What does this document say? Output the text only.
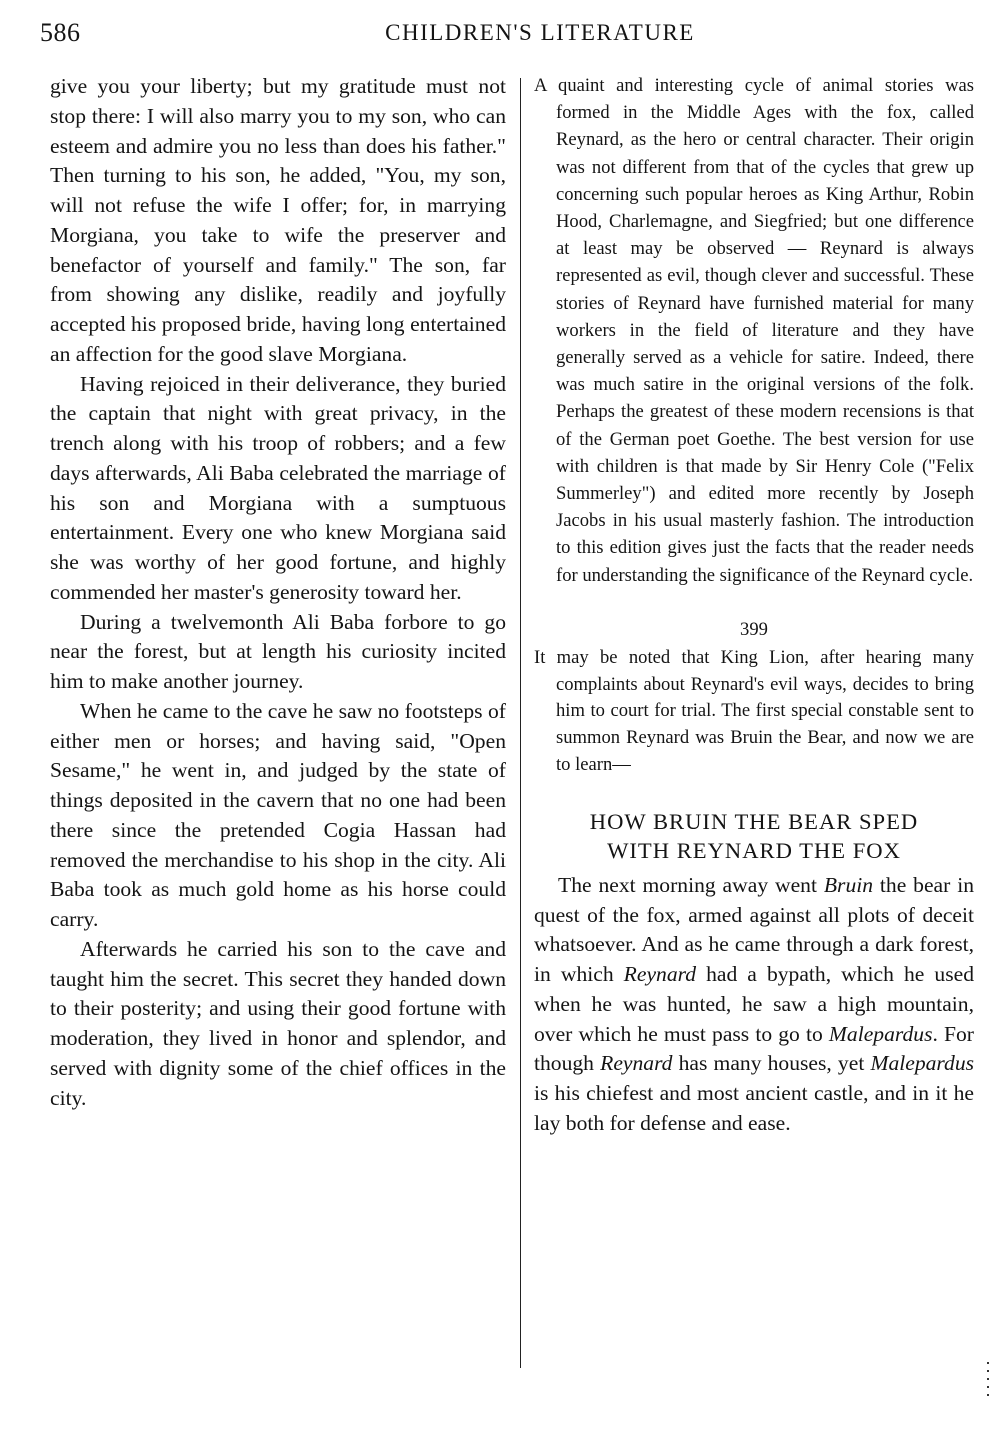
586	CHILDREN'S LITERATURE

give you your liberty; but my gratitude must not stop there: I will also marry you to my son, who can esteem and admire you no less than does his father." Then turning to his son, he added, "You, my son, will not refuse the wife I offer; for, in marrying Morgiana, you take to wife the preserver and benefactor of yourself and family." The son, far from showing any dislike, readily and joyfully accepted his proposed bride, having long entertained an affection for the good slave Morgiana.

Having rejoiced in their deliverance, they buried the captain that night with great privacy, in the trench along with his troop of robbers; and a few days afterwards, Ali Baba celebrated the marriage of his son and Morgiana with a sumptuous entertainment. Every one who knew Morgiana said she was worthy of her good fortune, and highly commended her master's generosity toward her.

During a twelvemonth Ali Baba forbore to go near the forest, but at length his curiosity incited him to make another journey.

When he came to the cave he saw no footsteps of either men or horses; and having said, "Open Sesame," he went in, and judged by the state of things deposited in the cavern that no one had been there since the pretended Cogia Hassan had removed the merchandise to his shop in the city. Ali Baba took as much gold home as his horse could carry.

Afterwards he carried his son to the cave and taught him the secret. This secret they handed down to their posterity; and using their good fortune with moderation, they lived in honor and splendor, and served with dignity some of the chief offices in the city.

A quaint and interesting cycle of animal stories was formed in the Middle Ages with the fox, called Reynard, as the hero or central character. Their origin was not different from that of the cycles that grew up concerning such popular heroes as King Arthur, Robin Hood, Charlemagne, and Siegfried; but one difference at least may be observed — Reynard is always represented as evil, though clever and successful. These stories of Reynard have furnished material for many workers in the field of literature and they have generally served as a vehicle for satire. Indeed, there was much satire in the original versions of the folk. Perhaps the greatest of these modern recensions is that of the German poet Goethe. The best version for use with children is that made by Sir Henry Cole ("Felix Summerley") and edited more recently by Joseph Jacobs in his usual masterly fashion. The introduction to this edition gives just the facts that the reader needs for understanding the significance of the Reynard cycle.

399

It may be noted that King Lion, after hearing many complaints about Reynard's evil ways, decides to bring him to court for trial. The first special constable sent to summon Reynard was Bruin the Bear, and now we are to learn—

HOW BRUIN THE BEAR SPED
WITH REYNARD THE FOX

The next morning away went Bruin the bear in quest of the fox, armed against all plots of deceit whatsoever. And as he came through a dark forest, in which Reynard had a bypath, which he used when he was hunted, he saw a high mountain, over which he must pass to go to Malepardus. For though Reynard has many houses, yet Malepardus is his chiefest and most ancient castle, and in it he lay both for defense and ease.
